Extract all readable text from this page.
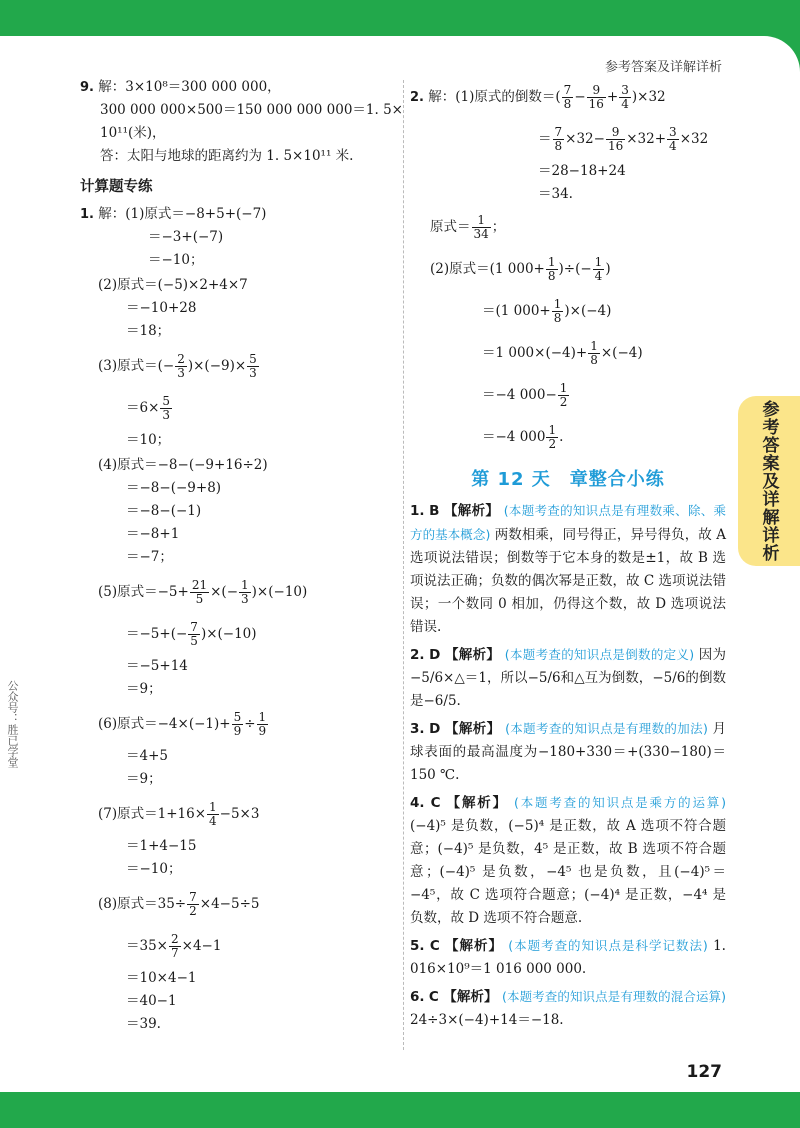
参考答案及详解详析
参考答案及详解详析
公众号：胜已学堂
9. 解：3×10⁸＝300 000 000，
300 000 000×500＝150 000 000 000＝1. 5×
10¹¹(米)，
答：太阳与地球的距离约为 1. 5×10¹¹ 米.
计算题专练
1. 解：(1)原式＝−8+5+(−7)
＝−3+(−7)
＝−10；
(2)原式＝(−5)×2+4×7
＝−10+28
＝18；
(3)原式＝(− $\frac{2}{3} )\times(-9)\times \frac{5}{3}$
$=6\times \frac{5}{3}$
＝10；
(4)原式＝−8−(−9+16÷2)
＝−8−(−9+8)
＝−8−(−1)
＝−8+1
＝−7；
(5)原式$=-5+ \frac{21}{5}$ ×(− $\frac{1}{3} )\times(-10)$
$=-5+(- \frac{7}{5} )\times(-10)$
＝−5+14
＝9；
(6)原式$=-4\times(-1)+ \frac{5}{9} \div \frac{1}{9}$
＝4+5
＝9；
(7)原式$=1+16\times \frac{1}{4} -5\times 3$
＝1+4−15
＝−10；
(8)原式$=35\div \frac{7}{2} \times 4-5\div 5$
$=35\times \frac{2}{7} \times 4-1$
＝10×4−1
＝40−1
＝39.
2.
解：(1)原式的倒数＝( $\frac{7}{8} - \frac{9}{16} + \frac{3}{4} )\times 32$
＝ $\frac{7}{8} \times 32- \frac{9}{16} \times 32+ \frac{3}{4} \times 32$
＝28−18+24
＝34.
原式＝ $\frac{1}{34}$ ；
(2)原式＝(1 $000+ \frac{1}{8}$ )÷(− $\frac{1}{4}$ )
＝(1 $000+ \frac{1}{8} )\times(-4)$
＝1 $000\times(-4)+ \frac{1}{8} \times(-4)$
＝−4 $000- \frac{1}{2}$
＝−4 $000 \frac{1}{2}$ .
第 12 天　章整合小练
1. B 【解析】 (本题考查的知识点是有理数乘、除、乘方的基本概念) 两数相乘，同号得正，异号得负，故 A 选项说法错误；倒数等于它本身的数是±1，故 B 选项说法正确；负数的偶次幂是正数，故 C 选项说法错误；一个数同 0 相加，仍得这个数，故 D 选项说法错误.
2. D 【解析】 (本题考查的知识点是倒数的定义) 因为−5/6×△＝1，所以−5/6和△互为倒数，−5/6的倒数是−6/5.
3. D 【解析】 (本题考查的知识点是有理数的加法) 月球表面的最高温度为−180+330＝+(330−180)＝150 ℃.
4. C 【解析】 (本题考查的知识点是乘方的运算) (−4)⁵ 是负数，(−5)⁴ 是正数，故 A 选项不符合题意；(−4)⁵ 是负数，4⁵ 是正数，故 B 选项不符合题意；(−4)⁵ 是负数，−4⁵ 也是负数，且(−4)⁵＝−4⁵，故 C 选项符合题意；(−4)⁴ 是正数，−4⁴ 是负数，故 D 选项不符合题意.
5. C 【解析】 (本题考查的知识点是科学记数法) 1. 016×10⁹＝1 016 000 000.
6. C 【解析】 (本题考查的知识点是有理数的混合运算) 24÷3×(−4)+14＝−18.
127
